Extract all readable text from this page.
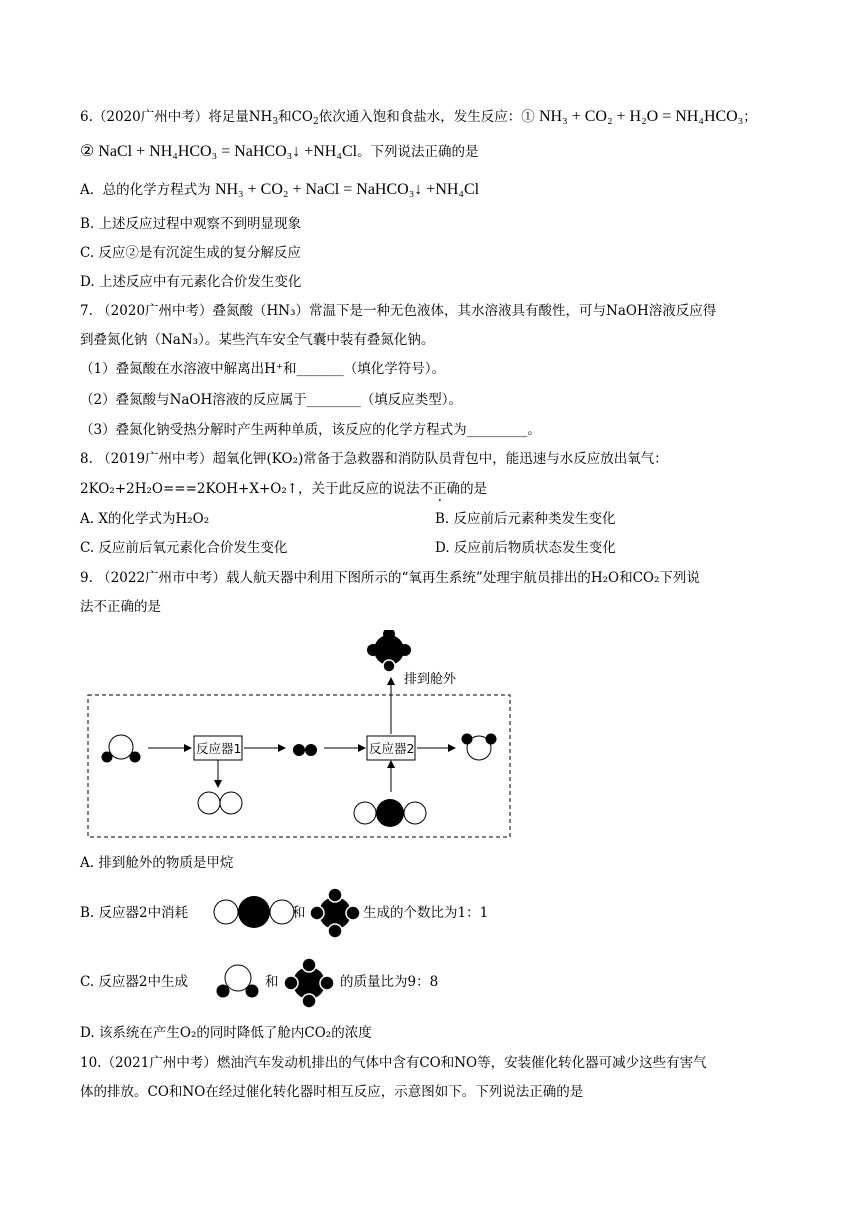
6.（2020广州中考）将足量$NH_3$和$CO_2$依次通入饱和食盐水，发生反应：① NH₃ + CO₂ + H₂O = NH₄HCO₃；
② NaCl + NH₄HCO₃ = NaHCO₃↓ +NH₄Cl。下列说法正确的是
A. 总的化学方程式为 NH₃ + CO₂ + NaCl = NaHCO₃↓ +NH₄Cl
B. 上述反应过程中观察不到明显现象
C. 反应②是有沉淀生成的复分解反应
D. 上述反应中有元素化合价发生变化
7. （2020广州中考）叠氮酸（HN₃）常温下是一种无色液体，其水溶液具有酸性，可与NaOH溶液反应得
到叠氮化钠（NaN₃）。某些汽车安全气囊中装有叠氮化钠。
（1）叠氮酸在水溶液中解离出H⁺和_______（填化学符号）。
（2）叠氮酸与NaOH溶液的反应属于________（填反应类型）。
（3）叠氮化钠受热分解时产生两种单质，该反应的化学方程式为_________。
8. （2019广州中考）超氧化钾(KO₂)常备于急救器和消防队员背包中，能迅速与水反应放出氧气：
2KO₂+2H₂O===2KOH+X+O₂↑，关于此反应的说法不正确的是
A. X的化学式为H₂O₂	B. 反应前后元素种类发生变化
C. 反应前后氧元素化合价发生变化	D. 反应前后物质状态发生变化
9. （2022广州市中考）载人航天器中利用下图所示的“氧再生系统”处理宇航员排出的H₂O和CO₂下列说
法不正确的是
排到舱外
反应器1	反应器2
A. 排到舱外的物质是甲烷
B. 反应器2中消耗	和	生成的个数比为1：1
C. 反应器2中生成	和	的质量比为9：8
D. 该系统在产生O₂的同时降低了舱内CO₂的浓度
10.（2021广州中考）燃油汽车发动机排出的气体中含有CO和NO等，安装催化转化器可减少这些有害气
体的排放。CO和NO在经过催化转化器时相互反应，示意图如下。下列说法正确的是
